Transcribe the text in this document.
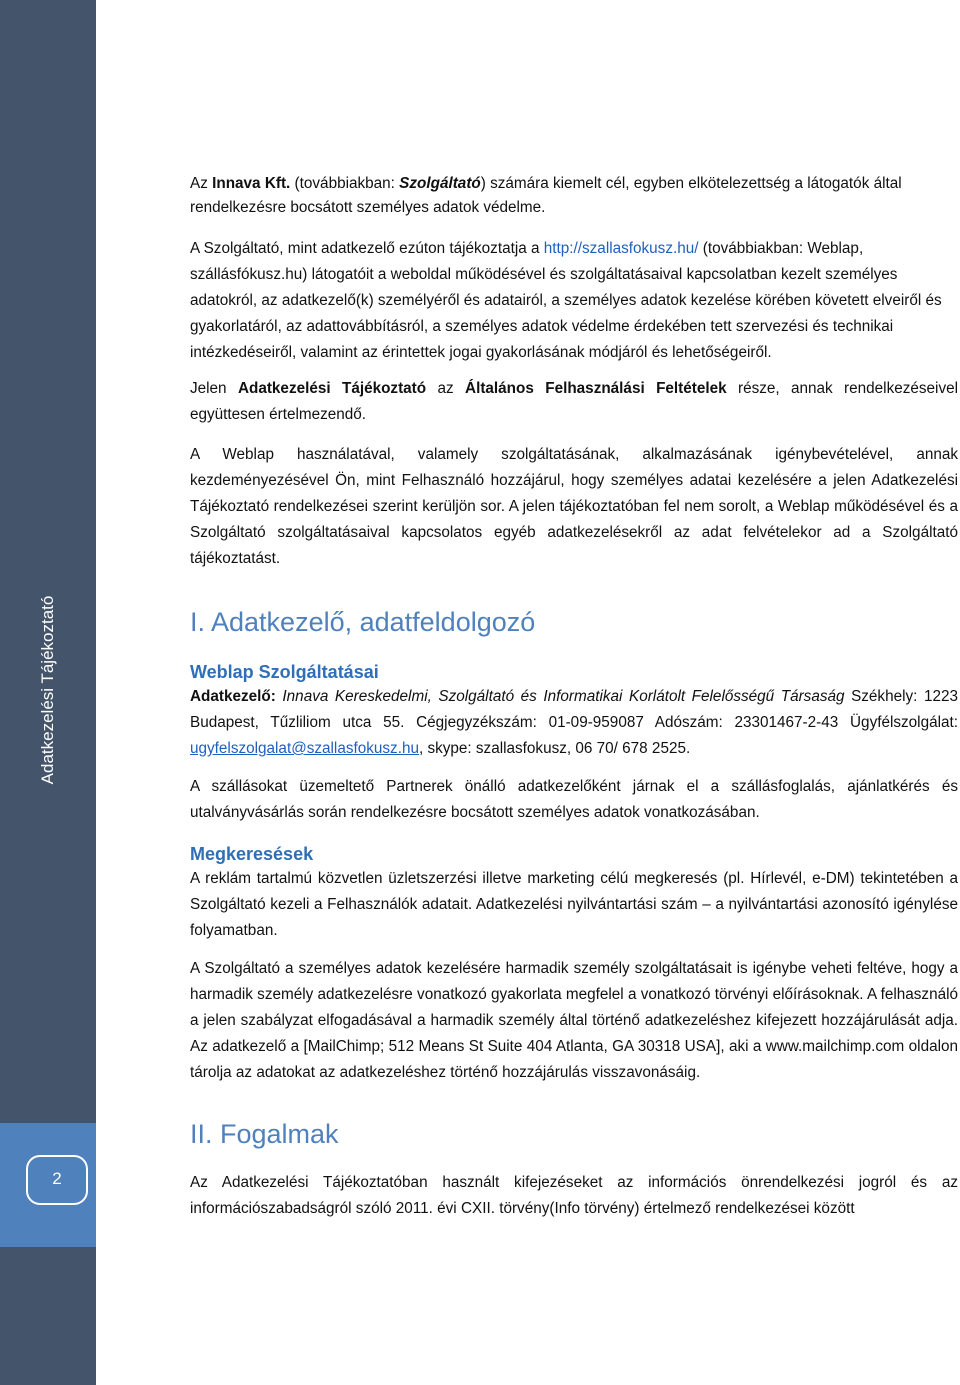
Adatkezelési Tájékoztató
2

Az Innava Kft. (továbbiakban: Szolgáltató) számára kiemelt cél, egyben elkötelezettség a látogatók által rendelkezésre bocsátott személyes adatok védelme.

A Szolgáltató, mint adatkezelő ezúton tájékoztatja a http://szallasfokusz.hu/ (továbbiakban: Weblap, szállásfókusz.hu) látogatóit a weboldal működésével és szolgáltatásaival kapcsolatban kezelt személyes adatokról, az adatkezelő(k) személyéről és adatairól, a személyes adatok kezelése körében követett elveiről és gyakorlatáról, az adattovábbításról, a személyes adatok védelme érdekében tett szervezési és technikai intézkedéseiről, valamint az érintettek jogai gyakorlásának módjáról és lehetőségeiről.

Jelen Adatkezelési Tájékoztató az Általános Felhasználási Feltételek része, annak rendelkezéseivel együttesen értelmezendő.

A Weblap használatával, valamely szolgáltatásának, alkalmazásának igénybevételével, annak kezdeményezésével Ön, mint Felhasználó hozzájárul, hogy személyes adatai kezelésére a jelen Adatkezelési Tájékoztató rendelkezései szerint kerüljön sor. A jelen tájékoztatóban fel nem sorolt, a Weblap működésével és a Szolgáltató szolgáltatásaival kapcsolatos egyéb adatkezelésekről az adat felvételekor ad a Szolgáltató tájékoztatást.

I. Adatkezelő, adatfeldolgozó
Weblap Szolgáltatásai

Adatkezelő: Innava Kereskedelmi, Szolgáltató és Informatikai Korlátolt Felelősségű Társaság Székhely: 1223 Budapest, Tűzliliom utca 55. Cégjegyzékszám: 01-09-959087 Adószám: 23301467-2-43 Ügyfélszolgálat: ugyfelszolgalat@szallasfokusz.hu, skype: szallasfokusz, 06 70/ 678 2525.

A szállásokat üzemeltető Partnerek önálló adatkezelőként járnak el a szállásfoglalás, ajánlatkérés és utalványvásárlás során rendelkezésre bocsátott személyes adatok vonatkozásában.

Megkeresések

A reklám tartalmú közvetlen üzletszerzési illetve marketing célú megkeresés (pl. Hírlevél, e-DM) tekintetében a Szolgáltató kezeli a Felhasználók adatait. Adatkezelési nyilvántartási szám – a nyilvántartási azonosító igénylése folyamatban.

A Szolgáltató a személyes adatok kezelésére harmadik személy szolgáltatásait is igénybe veheti feltéve, hogy a harmadik személy adatkezelésre vonatkozó gyakorlata megfelel a vonatkozó törvényi előírásoknak. A felhasználó a jelen szabályzat elfogadásával a harmadik személy által történő adatkezeléshez kifejezett hozzájárulását adja. Az adatkezelő a [MailChimp; 512 Means St Suite 404 Atlanta, GA 30318 USA], aki a www.mailchimp.com oldalon tárolja az adatokat az adatkezeléshez történő hozzájárulás visszavonásáig.

II. Fogalmak

Az Adatkezelési Tájékoztatóban használt kifejezéseket az információs önrendelkezési jogról és az információszabadságról szóló 2011. évi CXII. törvény(Info törvény) értelmező rendelkezései között
